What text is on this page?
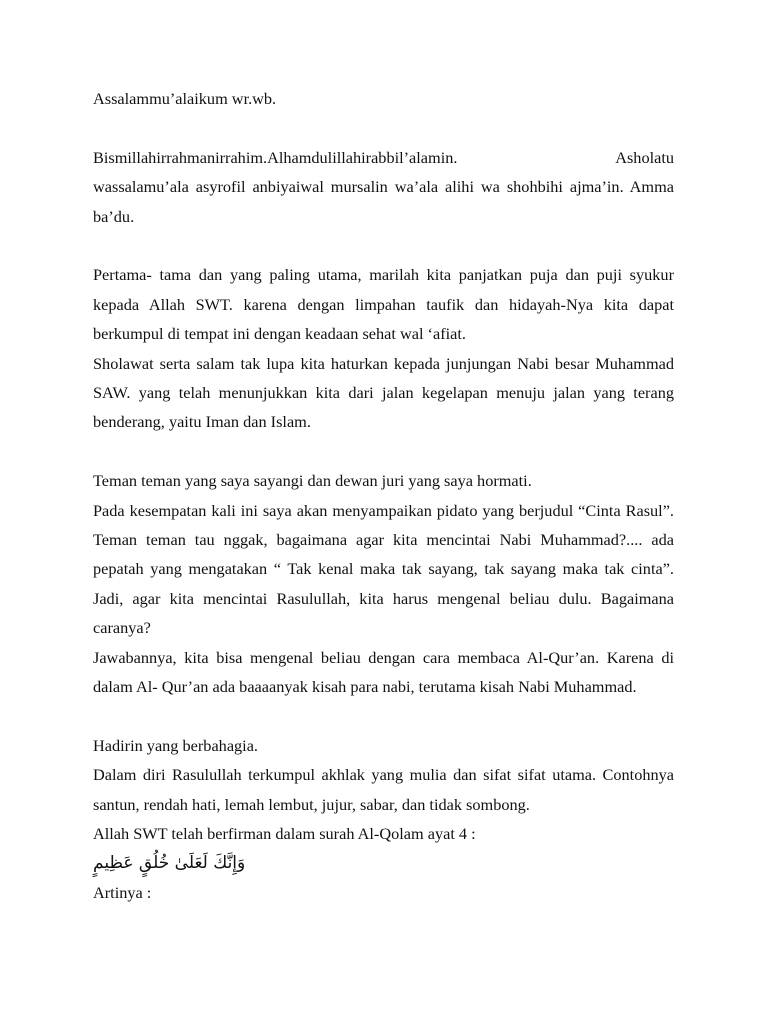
Assalammu’alaikum wr.wb.

Bismillahirrahmanirrahim.Alhamdulillahirabbil’alamin.	Asholatu

wassalamu’ala asyrofil anbiyaiwal mursalin wa’ala alihi wa shohbihi ajma’in. Amma ba’du.

Pertama- tama dan yang paling utama, marilah kita panjatkan puja dan puji syukur kepada Allah SWT. karena dengan limpahan taufik dan hidayah-Nya kita dapat berkumpul di tempat ini dengan keadaan sehat wal ‘afiat.

Sholawat serta salam tak lupa kita haturkan kepada junjungan Nabi besar Muhammad SAW. yang telah menunjukkan kita dari jalan kegelapan menuju jalan yang terang benderang, yaitu Iman dan Islam.

Teman teman yang saya sayangi dan dewan juri yang saya hormati.

Pada kesempatan kali ini saya akan menyampaikan pidato yang berjudul “Cinta Rasul”. Teman teman tau nggak, bagaimana agar kita mencintai Nabi Muhammad?.... ada pepatah yang mengatakan “ Tak kenal maka tak sayang, tak sayang maka tak cinta”. Jadi, agar kita mencintai Rasulullah, kita harus mengenal beliau dulu. Bagaimana caranya?

Jawabannya, kita bisa mengenal beliau dengan cara membaca Al-Qur’an. Karena di dalam Al- Qur’an ada baaaanyak kisah para nabi, terutama kisah Nabi Muhammad.

Hadirin yang berbahagia.

Dalam diri Rasulullah terkumpul akhlak yang mulia dan sifat sifat utama. Contohnya santun, rendah hati, lemah lembut, jujur, sabar, dan tidak sombong.

Allah SWT telah berfirman dalam surah Al-Qolam ayat 4 :

وَإِنَّكَ لَعَلَىٰ خُلُقٍ عَظِيمٍ

Artinya :
